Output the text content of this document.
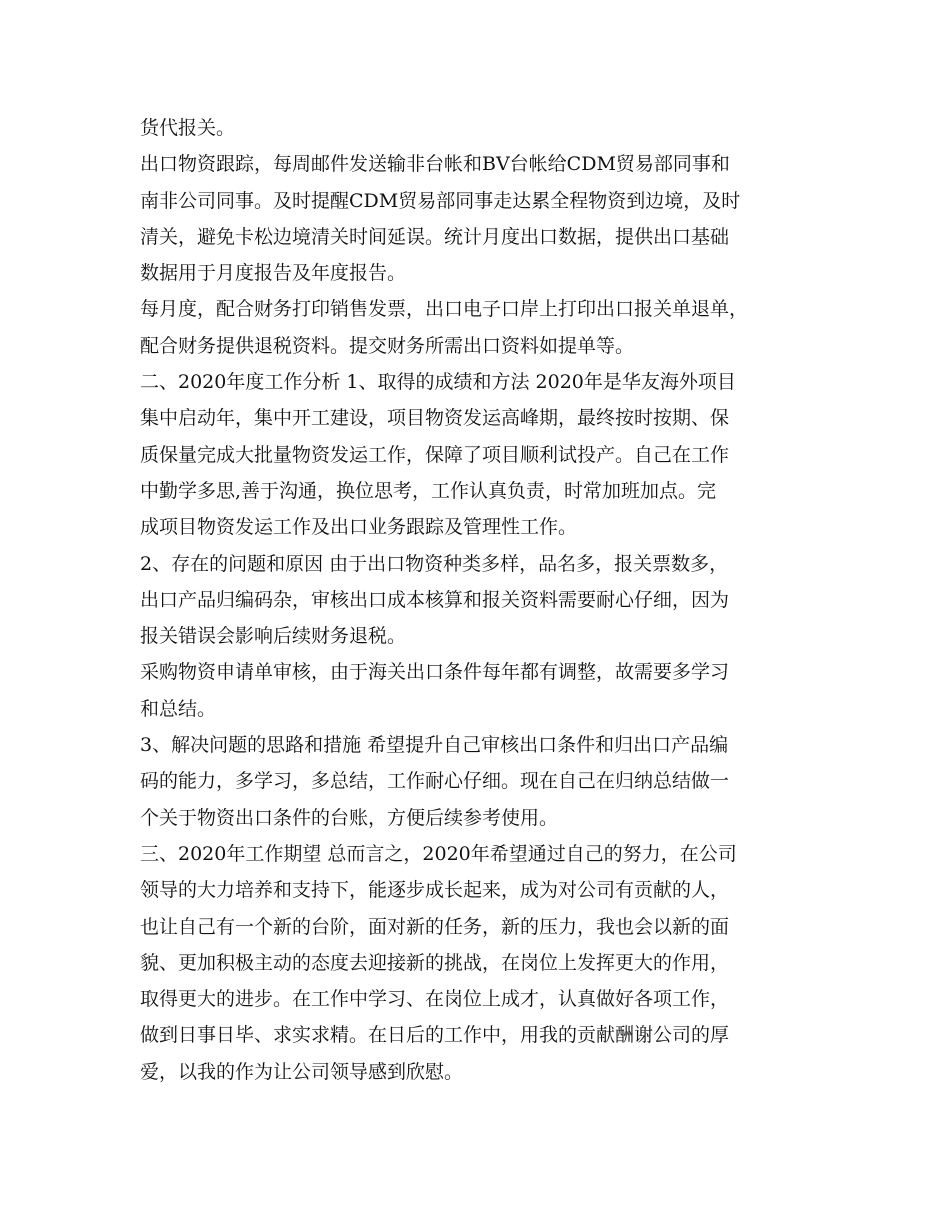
货代报关。
出口物资跟踪，每周邮件发送输非台帐和BV台帐给CDM贸易部同事和
南非公司同事。及时提醒CDM贸易部同事走达累全程物资到边境，及时
清关，避免卡松边境清关时间延误。统计月度出口数据，提供出口基础
数据用于月度报告及年度报告。
每月度，配合财务打印销售发票，出口电子口岸上打印出口报关单退单，
配合财务提供退税资料。提交财务所需出口资料如提单等。
二、2020年度工作分析 1、取得的成绩和方法 2020年是华友海外项目
集中启动年，集中开工建设，项目物资发运高峰期，最终按时按期、保
质保量完成大批量物资发运工作，保障了项目顺利试投产。自己在工作
中勤学多思,善于沟通，换位思考，工作认真负责，时常加班加点。完
成项目物资发运工作及出口业务跟踪及管理性工作。
2、存在的问题和原因 由于出口物资种类多样，品名多，报关票数多，
出口产品归编码杂，审核出口成本核算和报关资料需要耐心仔细，因为
报关错误会影响后续财务退税。
采购物资申请单审核，由于海关出口条件每年都有调整，故需要多学习
和总结。
3、解决问题的思路和措施 希望提升自己审核出口条件和归出口产品编
码的能力，多学习，多总结，工作耐心仔细。现在自己在归纳总结做一
个关于物资出口条件的台账，方便后续参考使用。
三、2020年工作期望 总而言之，2020年希望通过自己的努力，在公司
领导的大力培养和支持下，能逐步成长起来，成为对公司有贡献的人，
也让自己有一个新的台阶，面对新的任务，新的压力，我也会以新的面
貌、更加积极主动的态度去迎接新的挑战，在岗位上发挥更大的作用，
取得更大的进步。在工作中学习、在岗位上成才，认真做好各项工作，
做到日事日毕、求实求精。在日后的工作中，用我的贡献酬谢公司的厚
爱，以我的作为让公司领导感到欣慰。
